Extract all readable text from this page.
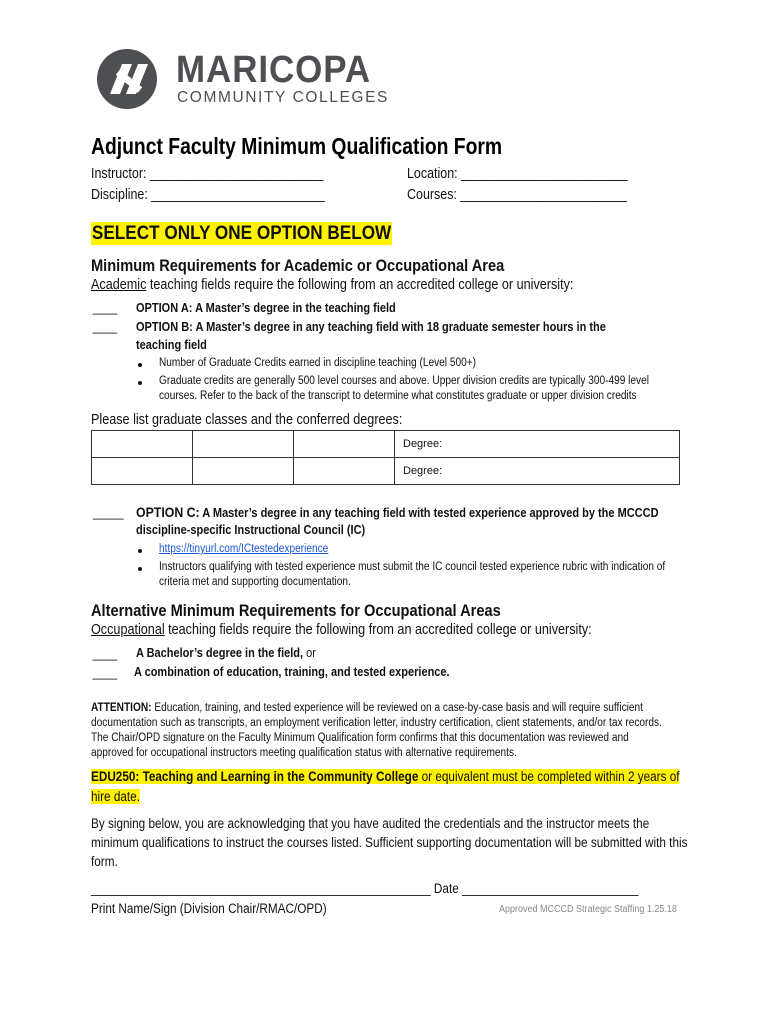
MARICOPA
COMMUNITY COLLEGES
Adjunct Faculty Minimum Qualification Form
Instructor: _________________________
Discipline: _________________________
Location: ________________________
Courses: ________________________
SELECT ONLY ONE OPTION BELOW
Minimum Requirements for Academic or Occupational Area
Academic teaching fields require the following from an accredited college or university:
____ OPTION A: A Master’s degree in the teaching field
____ OPTION B: A Master’s degree in any teaching field with 18 graduate semester hours in the
teaching field
Number of Graduate Credits earned in discipline teaching (Level 500+)
Graduate credits are generally 500 level courses and above. Upper division credits are typically 300-499 level
courses. Refer to the back of the transcript to determine what constitutes graduate or upper division credits
Please list graduate classes and the conferred degrees:
			Degree:
			Degree:
_____ OPTION C: A Master’s degree in any teaching field with tested experience approved by the MCCCD
discipline-specific Instructional Council (IC)
https://tinyurl.com/ICtestedexperience
Instructors qualifying with tested experience must submit the IC council tested experience rubric with indication of
criteria met and supporting documentation.
Alternative Minimum Requirements for Occupational Areas
Occupational teaching fields require the following from an accredited college or university:
____ A Bachelor’s degree in the field, or
____ A combination of education, training, and tested experience.
ATTENTION: Education, training, and tested experience will be reviewed on a case-by-case basis and will require sufficient
documentation such as transcripts, an employment verification letter, industry certification, client statements, and/or tax records.
The Chair/OPD signature on the Faculty Minimum Qualification form confirms that this documentation was reviewed and
approved for occupational instructors meeting qualification status with alternative requirements.
EDU250: Teaching and Learning in the Community College or equivalent must be completed within 2 years of
hire date.
By signing below, you are acknowledging that you have audited the credentials and the instructor meets the
minimum qualifications to instruct the courses listed. Sufficient supporting documentation will be submitted with this
form.
____________________________________________________ Date ___________________________
Print Name/Sign (Division Chair/RMAC/OPD)	Approved MCCCD Strategic Staffing 1.25.18
